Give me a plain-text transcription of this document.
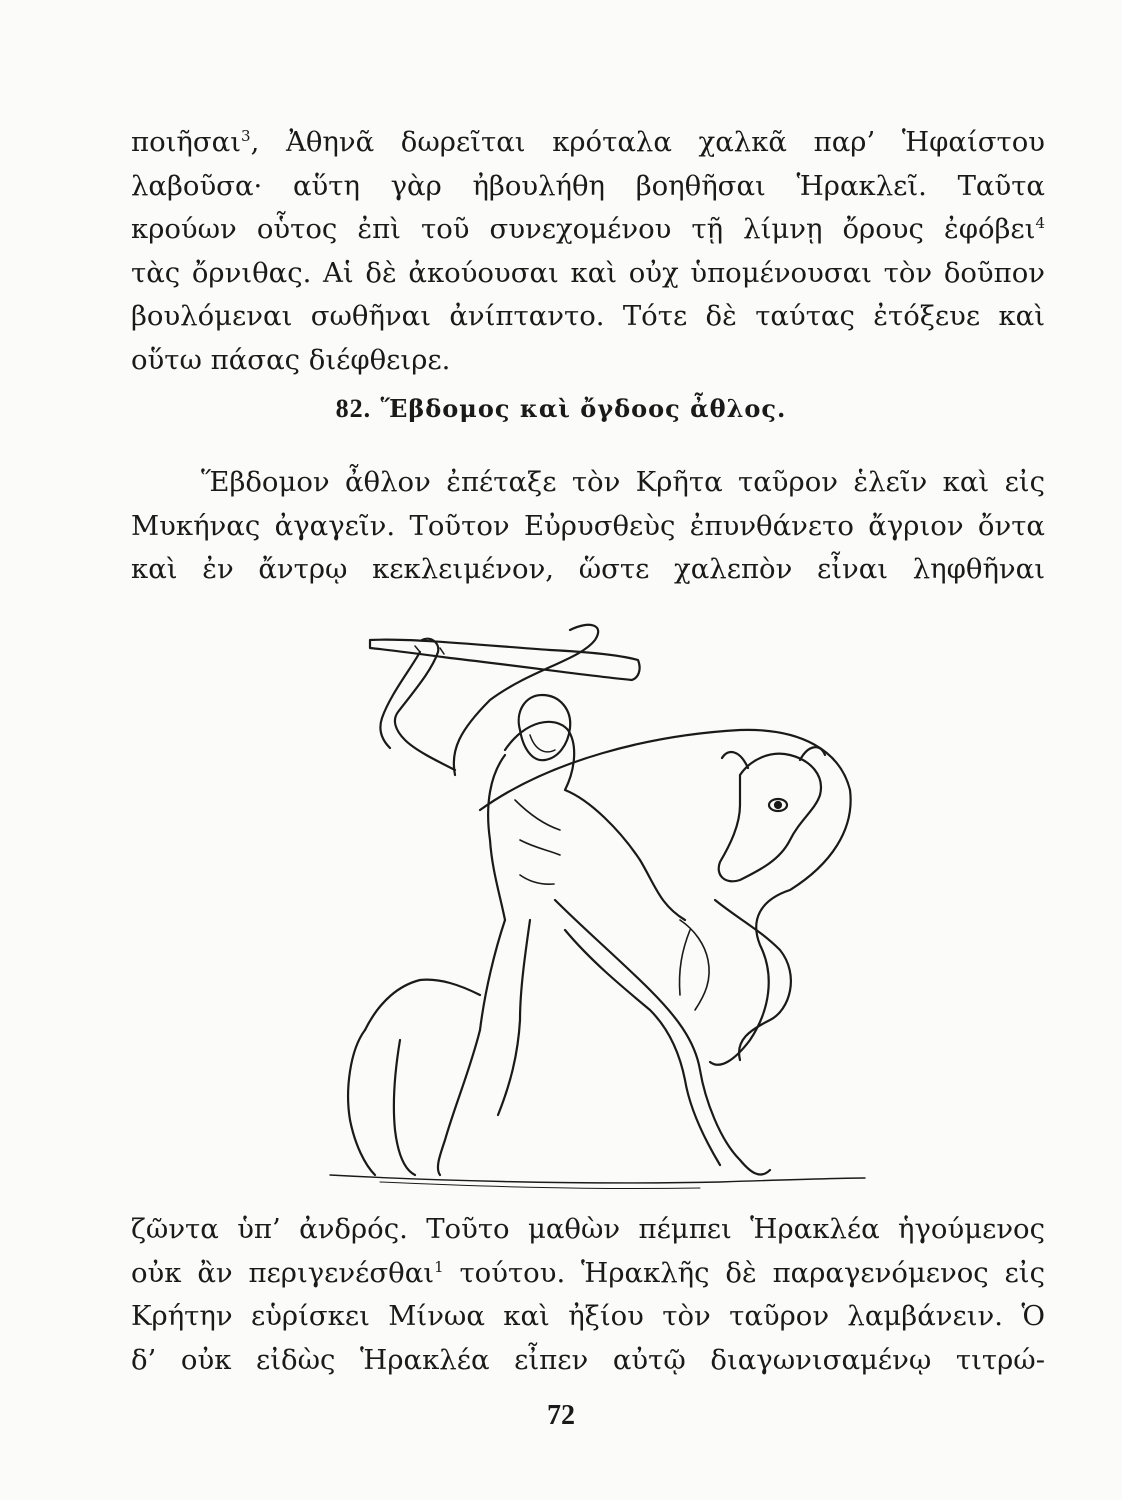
ποιῆσαι$^3$, Ἀθηνᾶ δωρεῖται κρόταλα χαλκᾶ παρ’ Ἡφαίστου
λαβοῦσα· αὕτη γὰρ ἠβουλήθη βοηθῆσαι Ἡρακλεῖ. Ταῦτα
κρούων οὗτος ἐπὶ τοῦ συνεχομένου τῇ λίμνῃ ὄρους ἐφόβει$^4$
τὰς ὄρνιθας. Αἱ δὲ ἀκούουσαι καὶ οὐχ ὑπομένουσαι τὸν δοῦπον
βουλόμεναι σωθῆναι ἀνίπταντο. Τότε δὲ ταύτας ἐτόξευε καὶ
οὕτω πάσας διέφθειρε.

82. Ἕβδομος καὶ ὄγδοος ἆθλος.

Ἕβδομον ἆθλον ἐπέταξε τὸν Κρῆτα ταῦρον ἑλεῖν καὶ εἰς
Μυκήνας ἀγαγεῖν. Τοῦτον Εὐρυσθεὺς ἐπυνθάνετο ἄγριον ὄντα
καὶ ἐν ἄντρῳ κεκλειμένον, ὥστε χαλεπὸν εἶναι ληφθῆναι

ζῶντα ὑπ’ ἀνδρός. Τοῦτο μαθὼν πέμπει Ἡρακλέα ἡγούμενος
οὐκ ἂν περιγενέσθαι$^1$ τούτου. Ἡρακλῆς δὲ παραγενόμενος εἰς
Κρήτην εὑρίσκει Μίνωα καὶ ἠξίου τὸν ταῦρον λαμβάνειν. Ὁ
δ’ οὐκ εἰδὼς Ἡρακλέα εἶπεν αὐτῷ διαγωνισαμένῳ τιτρώ-

72
